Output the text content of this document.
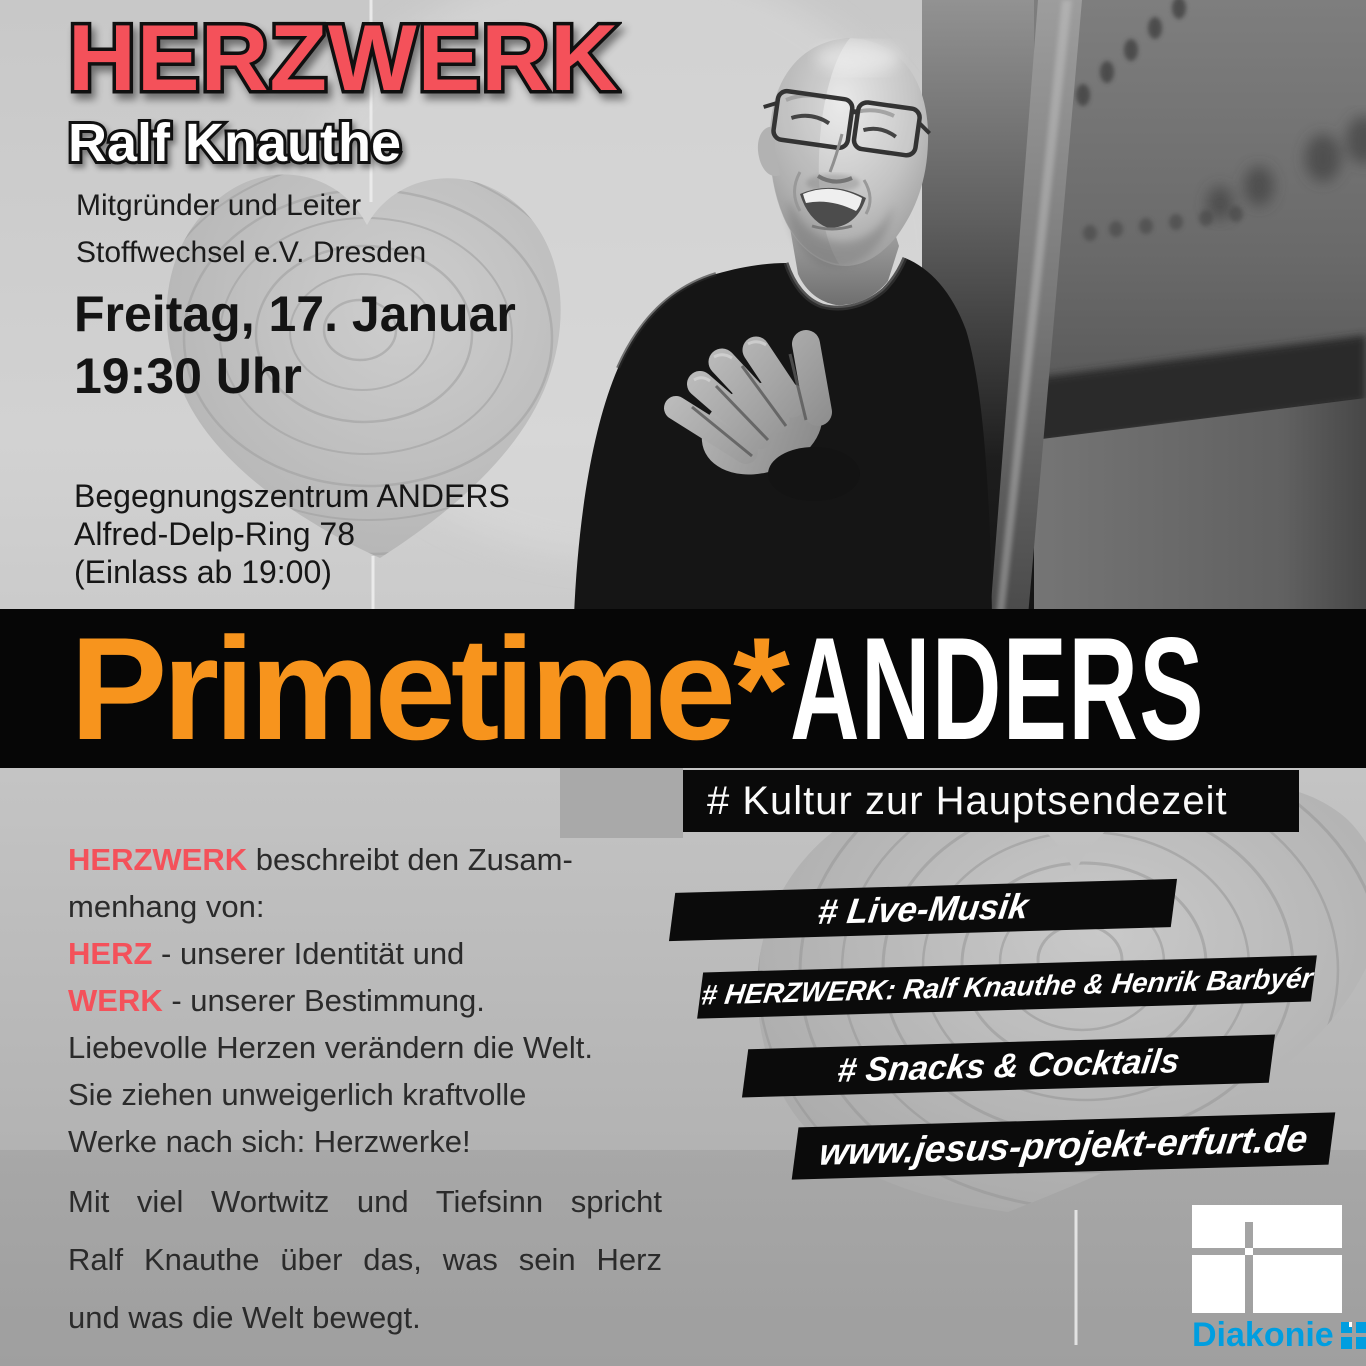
HERZWERK
Ralf Knauthe
Mitgründer und Leiter
Stoffwechsel e.V. Dresden
Freitag, 17. Januar
19:30 Uhr
Begegnungszentrum ANDERS
Alfred-Delp-Ring 78
(Einlass ab 19:00)
Primetime*ANDERS
# Kultur zur Hauptsendezeit
HERZWERK beschreibt den Zusam-
menhang von:
HERZ - unserer Identität und
WERK - unserer Bestimmung.
Liebevolle Herzen verändern die Welt.
Sie ziehen unweigerlich kraftvolle
Werke nach sich: Herzwerke!
Mit viel Wortwitz und Tiefsinn spricht
Ralf Knauthe über das, was sein Herz
und was die Welt bewegt.
# Live-Musik
# HERZWERK: Ralf Knauthe & Henrik Barbyér
# Snacks & Cocktails
www.jesus-projekt-erfurt.de
Diakonie
